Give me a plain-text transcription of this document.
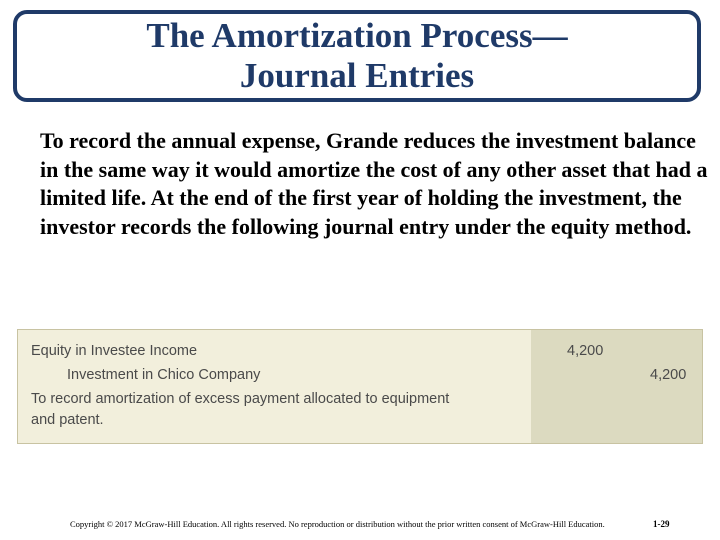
The Amortization Process—
Journal Entries

To record the annual expense, Grande reduces the investment balance in the same way it would amortize the cost of any other asset that had a limited life. At the end of the first year of holding the investment, the investor records the following journal entry under the equity method.

Equity in Investee Income	4,200
Investment in Chico Company	4,200
To record amortization of excess payment allocated to equipment
and patent.
Copyright © 2017 McGraw-Hill Education. All rights reserved. No reproduction or distribution without the prior written consent of McGraw-Hill Education.	1-29
